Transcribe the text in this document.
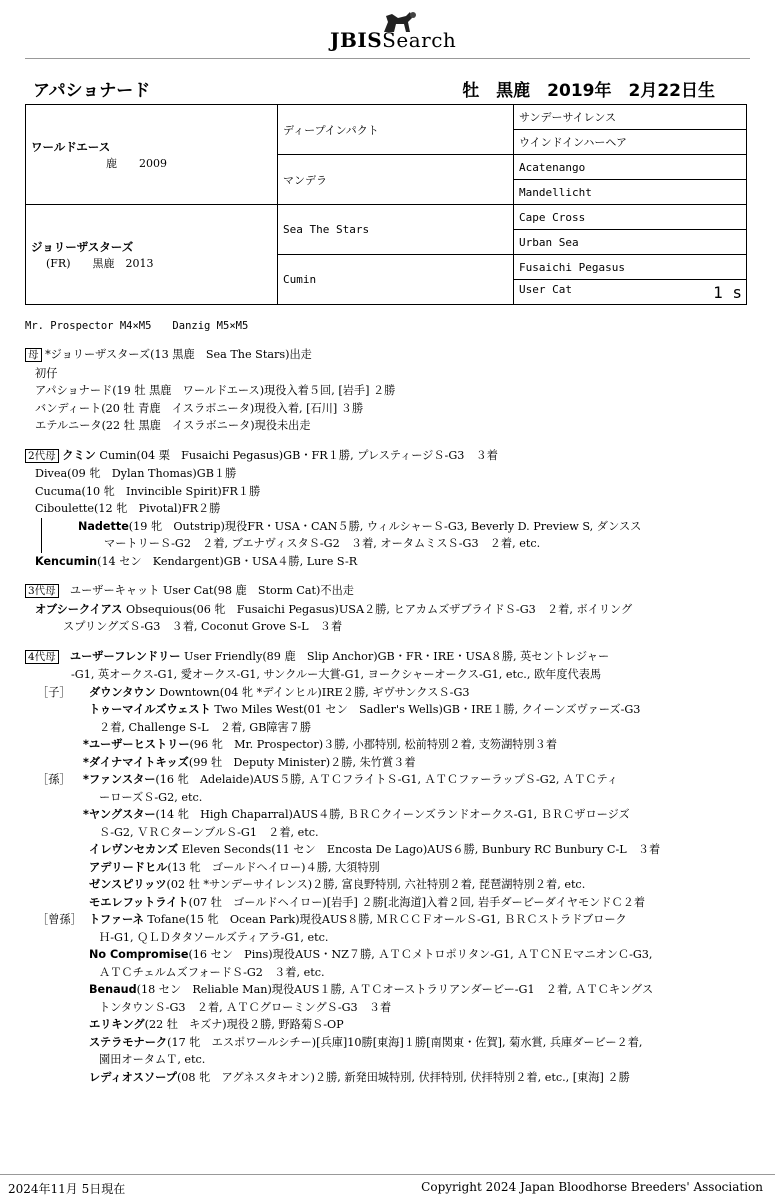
JBISSearch
アパショナード	牡　黒鹿　2019年　2月22日生
ワールドエース
鹿　　2009	ディープインパクト	サンデーサイレンス
		ウインドインハーヘア
	マンデラ	Acatenango
		Mandellicht

ジョリーザスターズ
(FR)　　黒鹿　2013	Sea The Stars	Cape Cross
		Urban Sea
	Cumin	Fusaichi Pegasus
		User Cat 1 s
Mr. Prospector M4×M5　　Danzig M5×M5
母 *ジョリーザスターズ(13 黒鹿　Sea The Stars)出走
初仔
アパショナード(19 牡 黒鹿　ワールドエース)現役入着５回, [岩手] ２勝
バンディート(20 牡 青鹿　イスラボニータ)現役入着, [石川] ３勝
エテルニータ(22 牡 黒鹿　イスラボニータ)現役未出走
2代母 クミン Cumin(04 栗　Fusaichi Pegasus)GB・FR１勝, プレスティージＳ-G3　３着
Divea(09 牝　Dylan Thomas)GB１勝
Cucuma(10 牝　Invincible Spirit)FR１勝
Ciboulette(12 牝　Pivotal)FR２勝
Nadette(19 牝　Outstrip)現役FR・USA・CAN５勝, ウィルシャーＳ-G3, Beverly D. Preview S, ダンスス
マートリーＳ-G2　２着, ブエナヴィスタＳ-G2　３着, オータムミスＳ-G3　２着, etc.
Kencumin(14 セン　Kendargent)GB・USA４勝, Lure S-R
3代母　 ユーザーキャット User Cat(98 鹿　Storm Cat)不出走
オブシークイアス Obsequious(06 牝　Fusaichi Pegasus)USA２勝, ヒアカムズザブライドＳ-G3　２着, ボイリング
スプリングズＳ-G3　３着, Coconut Grove S-L　３着
4代母　 ユーザーフレンドリー User Friendly(89 鹿　Slip Anchor)GB・FR・IRE・USA８勝, 英セントレジャー
-G1, 英オークス-G1, 愛オークス-G1, サンクルー大賞-G1, ヨークシャーオークス-G1, etc., 欧年度代表馬
［子］ ダウンタウン Downtown(04 牝 *デインヒル)IRE２勝, ギヴサンクスＳ-G3
トゥーマイルズウェスト Two Miles West(01 セン　Sadler's Wells)GB・IRE１勝, クイーンズヴァーズ-G3
２着, Challenge S-L　２着, GB障害７勝
*ユーザーヒストリー(96 牝　Mr. Prospector)３勝, 小郡特別, 松前特別２着, 支笏湖特別３着
*ダイナマイトキッズ(99 牡　Deputy Minister)２勝, 朱竹賞３着
［孫］ *ファンスター(16 牝　Adelaide)AUS５勝, ＡＴＣフライトＳ-G1, ＡＴＣファーラップＳ-G2, ＡＴＣティ
ーローズＳ-G2, etc.
*ヤングスター(14 牝　High Chaparral)AUS４勝, ＢＲＣクイーンズランドオークス-G1, ＢＲＣザロージズ
Ｓ-G2, ＶＲＣターンブルＳ-G1　２着, etc.
イレヴンセカンズ Eleven Seconds(11 セン　Encosta De Lago)AUS６勝, Bunbury RC Bunbury C-L　３着
アデリードヒル(13 牝　ゴールドヘイロー)４勝, 大須特別
ゼンスピリッツ(02 牡 *サンデーサイレンス)２勝, 富良野特別, 六社特別２着, 琵琶湖特別２着, etc.
モエレフットライト(07 牡　ゴールドヘイロー)[岩手] ２勝[北海道]入着２回, 岩手ダービーダイヤモンドＣ２着
［曾孫］ トファーネ Tofane(15 牝　Ocean Park)現役AUS８勝, ＭＲＣＣＦオールＳ-G1, ＢＲＣストラドブローク
Ｈ-G1, ＱＬＤタタソールズティアラ-G1, etc.
No Compromise(16 セン　Pins)現役AUS・NZ７勝, ＡＴＣメトロポリタン-G1, ＡＴＣＮＥマニオンＣ-G3,
ＡＴＣチェルムズフォードＳ-G2　３着, etc.
Benaud(18 セン　Reliable Man)現役AUS１勝, ＡＴＣオーストラリアンダービー-G1　２着, ＡＴＣキングス
トンタウンＳ-G3　２着, ＡＴＣグローミングＳ-G3　３着
エリキング(22 牡　キズナ)現役２勝, 野路菊Ｓ-OP
ステラモナーク(17 牝　エスポワールシチー)[兵庫]10勝[東海]１勝[南関東・佐賀], 菊水賞, 兵庫ダービー２着,
園田オータムＴ, etc.
レディオスソープ(08 牝　アグネスタキオン)２勝, 新発田城特別, 伏拝特別, 伏拝特別２着, etc., [東海] ２勝
2024年11月 5日現在	Copyright 2024 Japan Bloodhorse Breeders' Association
